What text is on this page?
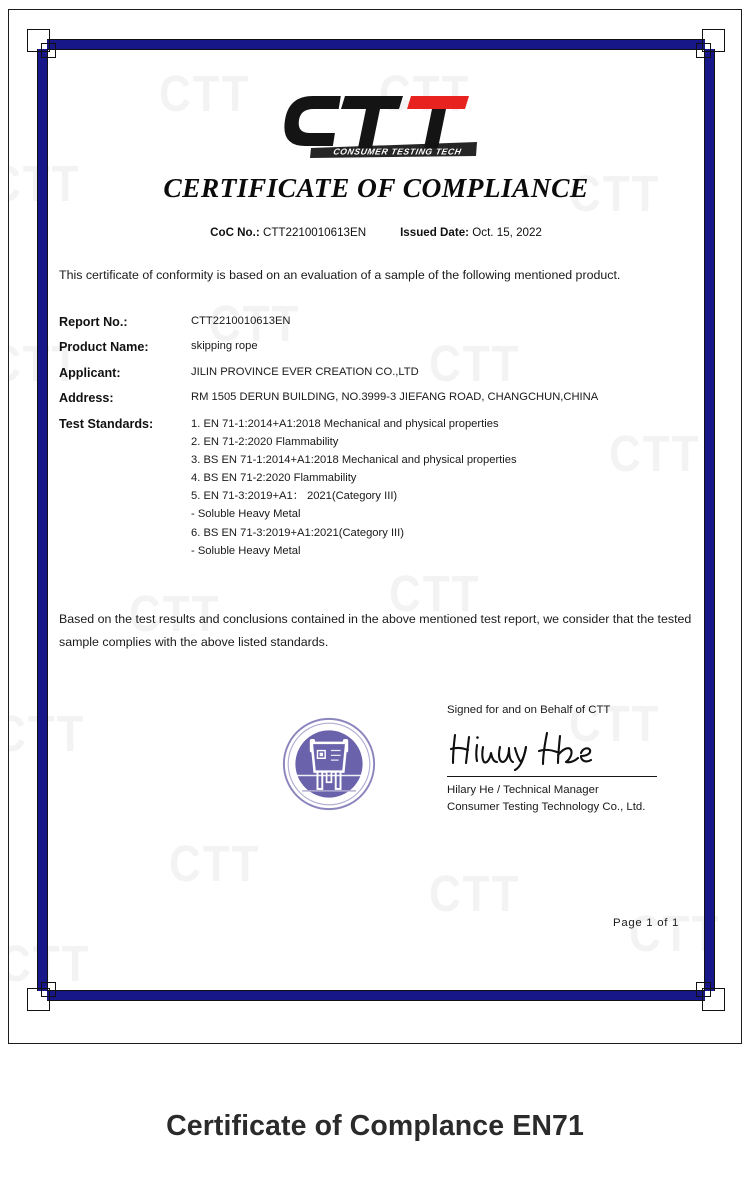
CONSUMER TESTING TECH
CERTIFICATE OF COMPLIANCE
CoC No.: CTT2210010613EN	Issued Date: Oct. 15, 2022

This certificate of conformity is based on an evaluation of a sample of the following mentioned product.

Report No.:	CTT2210010613EN
Product Name:	skipping rope
Applicant:	JILIN PROVINCE EVER CREATION CO.,LTD
Address:	RM 1505 DERUN BUILDING, NO.3999-3 JIEFANG ROAD, CHANGCHUN,CHINA
Test Standards:	1. EN 71-1:2014+A1:2018 Mechanical and physical properties
2. EN 71-2:2020 Flammability
3. BS EN 71-1:2014+A1:2018 Mechanical and physical properties
4. BS EN 71-2:2020 Flammability
5. EN 71-3:2019+A1： 2021(Category III)
- Soluble Heavy Metal
6. BS EN 71-3:2019+A1:2021(Category III)
- Soluble Heavy Metal

Based on the test results and conclusions contained in the above mentioned test report, we consider that the tested sample complies with the above listed standards.

Signed for and on Behalf of CTT
Hilary He / Technical Manager
Consumer Testing Technology Co., Ltd.
Page 1 of 1
Certificate of Complance EN71
